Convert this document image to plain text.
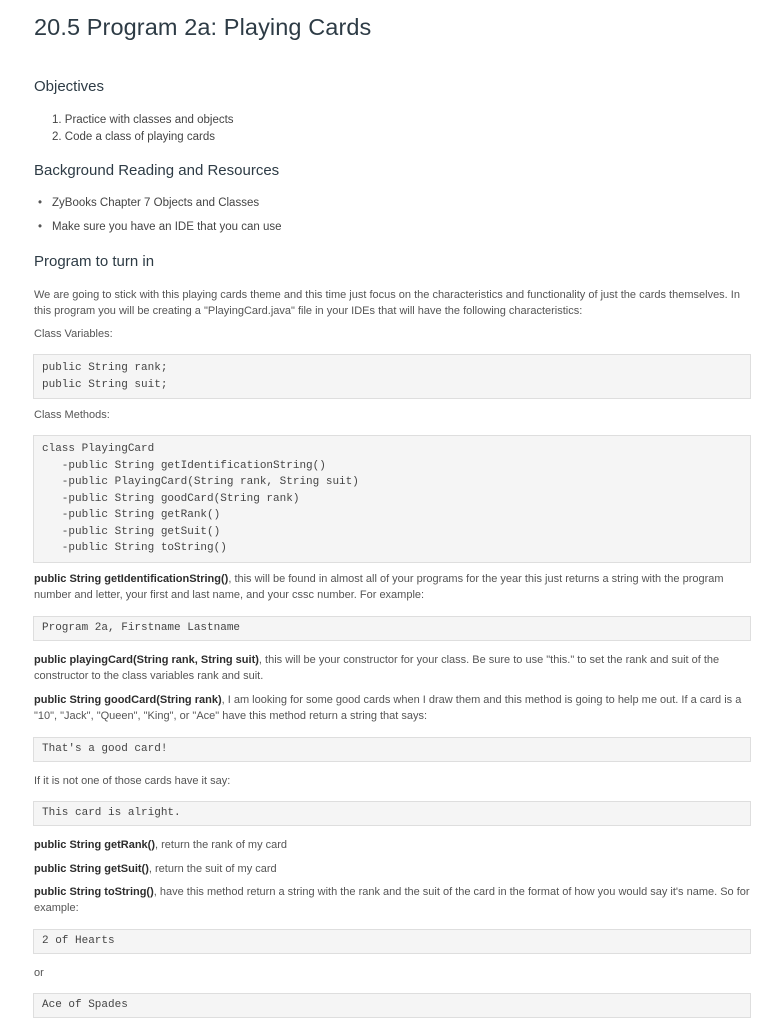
20.5 Program 2a: Playing Cards
Objectives
1. Practice with classes and objects
2. Code a class of playing cards
Background Reading and Resources
• ZyBooks Chapter 7 Objects and Classes
• Make sure you have an IDE that you can use
Program to turn in

We are going to stick with this playing cards theme and this time just focus on the characteristics and functionality of just the cards themselves. In this program you will be creating a "PlayingCard.java" file in your IDEs that will have the following characteristics:

Class Variables:

public String rank;
public String suit;

Class Methods:

class PlayingCard
-public String getIdentificationString()
-public PlayingCard(String rank, String suit)
-public String goodCard(String rank)
-public String getRank()
-public String getSuit()
-public String toString()

public String getIdentificationString(), this will be found in almost all of your programs for the year this just returns a string with the program number and letter, your first and last name, and your cssc number. For example:

Program 2a, Firstname Lastname

public playingCard(String rank, String suit), this will be your constructor for your class. Be sure to use "this." to set the rank and suit of the constructor to the class variables rank and suit.

public String goodCard(String rank), I am looking for some good cards when I draw them and this method is going to help me out. If a card is a "10", "Jack", "Queen", "King", or "Ace" have this method return a string that says:

That's a good card!

If it is not one of those cards have it say:

This card is alright.

public String getRank(), return the rank of my card

public String getSuit(), return the suit of my card

public String toString(), have this method return a string with the rank and the suit of the card in the format of how you would say it's name. So for example:

2 of Hearts

or

Ace of Spades
